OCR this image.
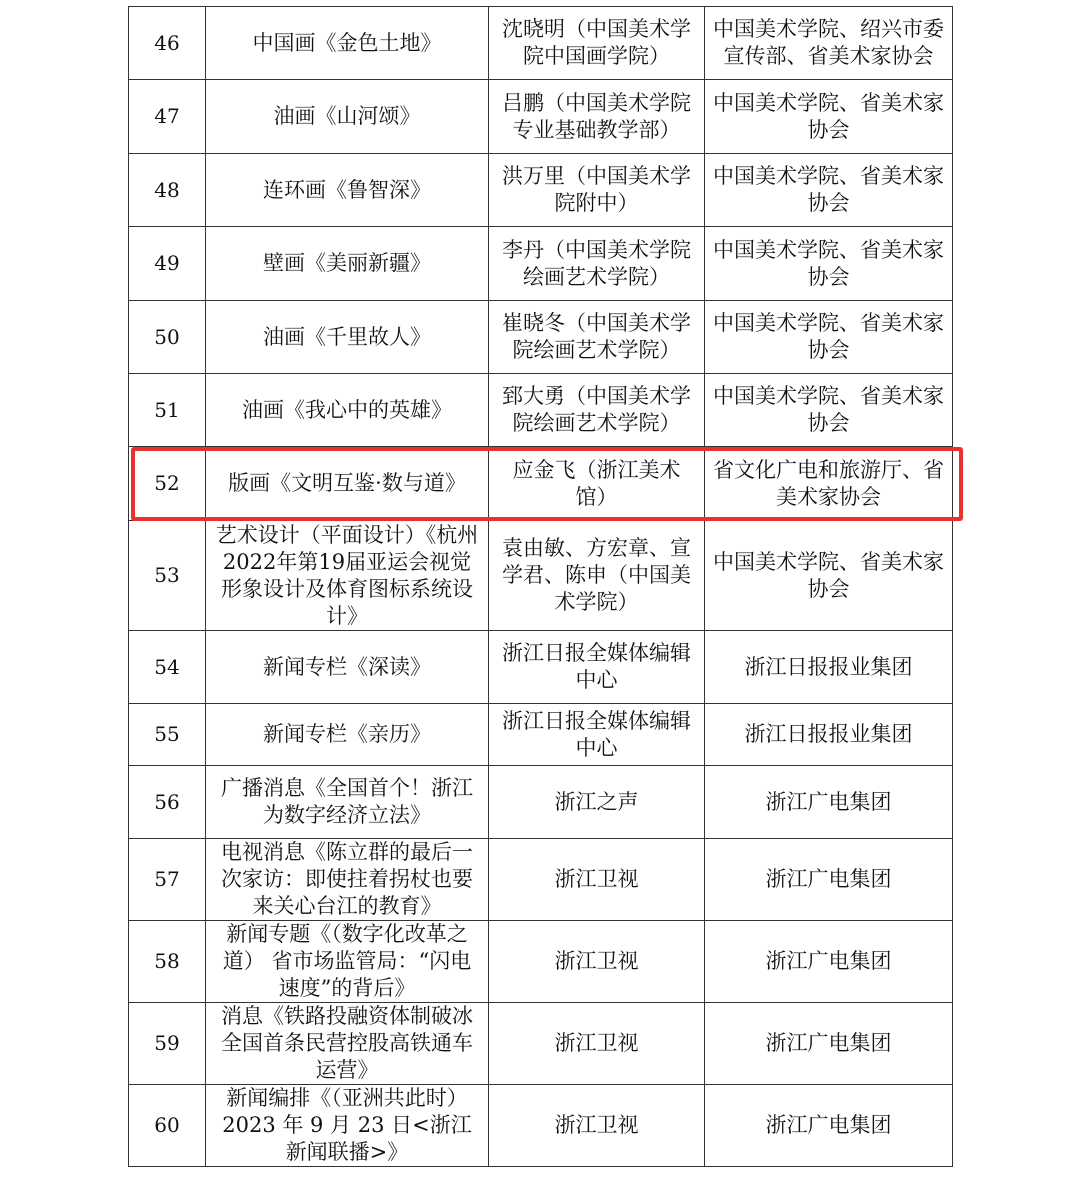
46	中国画《金色土地》	沈晓明（中国美术学院中国画学院）	中国美术学院、绍兴市委宣传部、省美术家协会
47	油画《山河颂》	吕鹏（中国美术学院专业基础教学部）	中国美术学院、省美术家协会
48	连环画《鲁智深》	洪万里（中国美术学院附中）	中国美术学院、省美术家协会
49	壁画《美丽新疆》	李丹（中国美术学院绘画艺术学院）	中国美术学院、省美术家协会
50	油画《千里故人》	崔晓冬（中国美术学院绘画艺术学院）	中国美术学院、省美术家协会
51	油画《我心中的英雄》	郅大勇（中国美术学院绘画艺术学院）	中国美术学院、省美术家协会
52	版画《文明互鉴·数与道》	应金飞（浙江美术馆）	省文化广电和旅游厅、省美术家协会
53	艺术设计（平面设计）《杭州2022年第19届亚运会视觉形象设计及体育图标系统设计》	袁由敏、方宏章、宣学君、陈申（中国美术学院）	中国美术学院、省美术家协会
54	新闻专栏《深读》	浙江日报全媒体编辑中心	浙江日报报业集团
55	新闻专栏《亲历》	浙江日报全媒体编辑中心	浙江日报报业集团
56	广播消息《全国首个！浙江为数字经济立法》	浙江之声	浙江广电集团
57	电视消息《陈立群的最后一次家访：即使拄着拐杖也要来关心台江的教育》	浙江卫视	浙江广电集团
58	新闻专题《（数字化改革之道） 省市场监管局：“闪电速度”的背后》	浙江卫视	浙江广电集团
59	消息《铁路投融资体制破冰 全国首条民营控股高铁通车运营》	浙江卫视	浙江广电集团
60	新闻编排《（亚洲共此时） 2023 年 9 月 23 日<浙江新闻联播>》	浙江卫视	浙江广电集团
